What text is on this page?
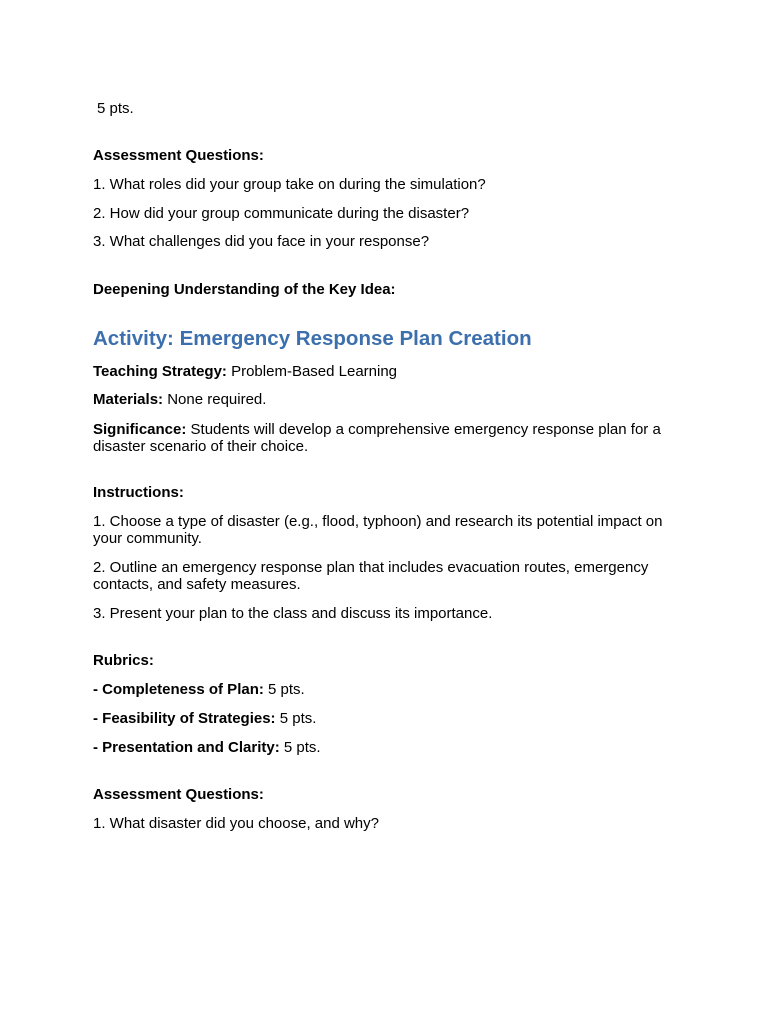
5 pts.
Assessment Questions:
1. What roles did your group take on during the simulation?
2. How did your group communicate during the disaster?
3. What challenges did you face in your response?
Deepening Understanding of the Key Idea:
Activity: Emergency Response Plan Creation
Teaching Strategy: Problem-Based Learning
Materials: None required.
Significance: Students will develop a comprehensive emergency response plan for a disaster scenario of their choice.
Instructions:
1. Choose a type of disaster (e.g., flood, typhoon) and research its potential impact on your community.
2. Outline an emergency response plan that includes evacuation routes, emergency contacts, and safety measures.
3. Present your plan to the class and discuss its importance.
Rubrics:
- Completeness of Plan: 5 pts.
- Feasibility of Strategies: 5 pts.
- Presentation and Clarity: 5 pts.
Assessment Questions:
1. What disaster did you choose, and why?
